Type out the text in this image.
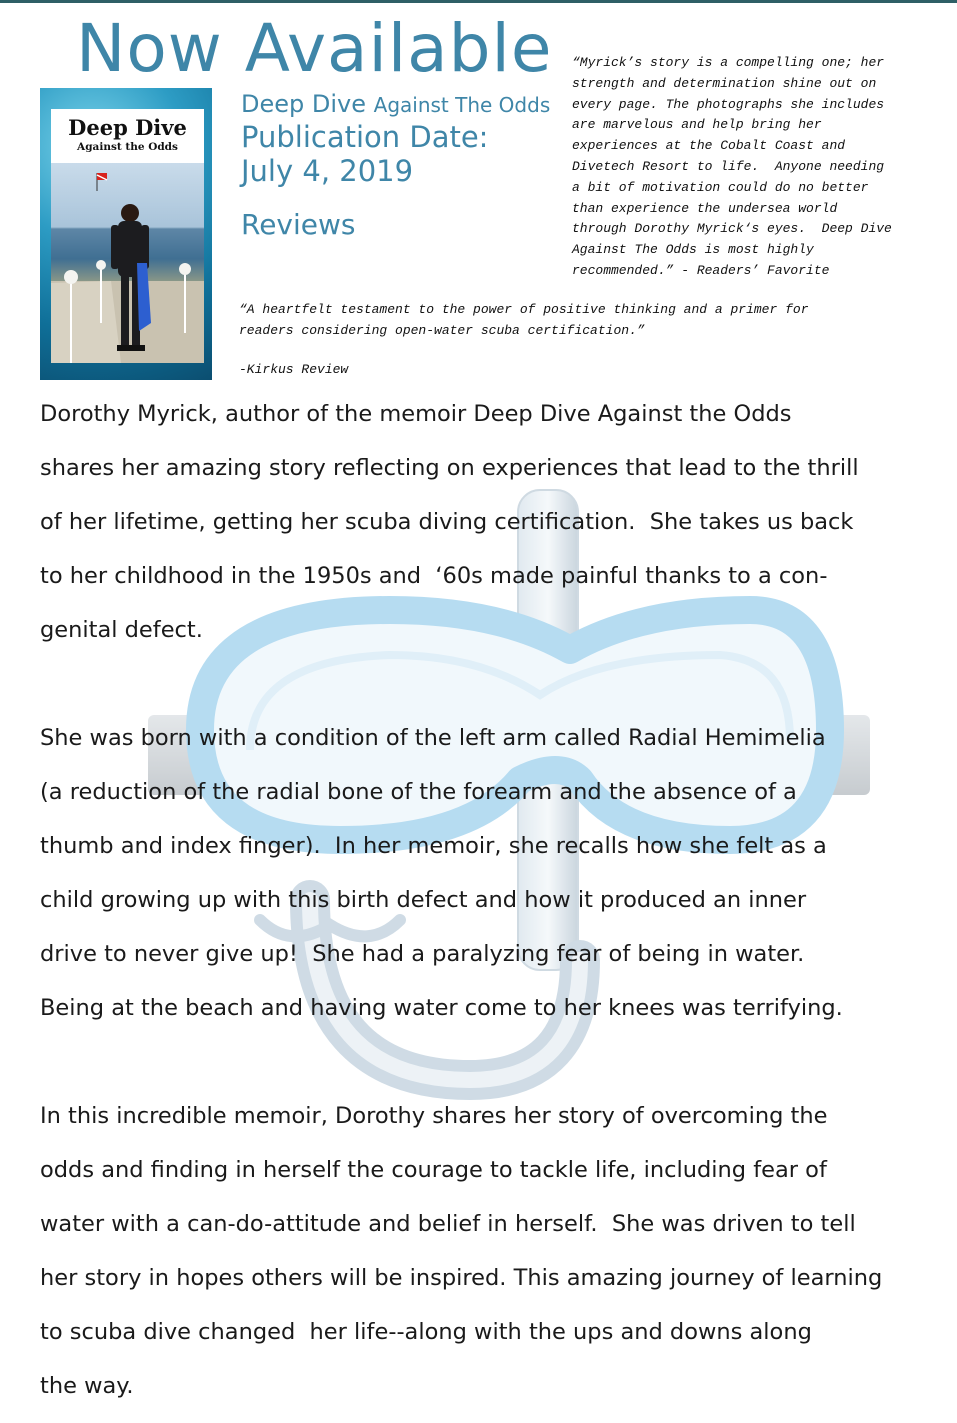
Now Available
Deep Dive
Against the Odds
Deep Dive Against The Odds
Publication Date:
July 4, 2019
Reviews
“Myrick’s story is a compelling one; her
strength and determination shine out on
every page. The photographs she includes
are marvelous and help bring her
experiences at the Cobalt Coast and
Divetech Resort to life.  Anyone needing
a bit of motivation could do no better
than experience the undersea world
through Dorothy Myrick‘s eyes.  Deep Dive
Against The Odds is most highly
recommended.” - Readers’ Favorite
“A heartfelt testament to the power of positive thinking and a primer for
readers considering open-water scuba certification.”
-Kirkus Review
Dorothy Myrick, author of the memoir Deep Dive Against the Odds
shares her amazing story reflecting on experiences that lead to the thrill
of her lifetime, getting her scuba diving certification.  She takes us back
to her childhood in the 1950s and  ‘60s made painful thanks to a con-
genital defect.

She was born with a condition of the left arm called Radial Hemimelia
(a reduction of the radial bone of the forearm and the absence of a
thumb and index finger).  In her memoir, she recalls how she felt as a
child growing up with this birth defect and how it produced an inner
drive to never give up!  She had a paralyzing fear of being in water.
Being at the beach and having water come to her knees was terrifying.

In this incredible memoir, Dorothy shares her story of overcoming the
odds and finding in herself the courage to tackle life, including fear of
water with a can-do-attitude and belief in herself.  She was driven to tell
her story in hopes others will be inspired. This amazing journey of learning
to scuba dive changed  her life--along with the ups and downs along
the way.
